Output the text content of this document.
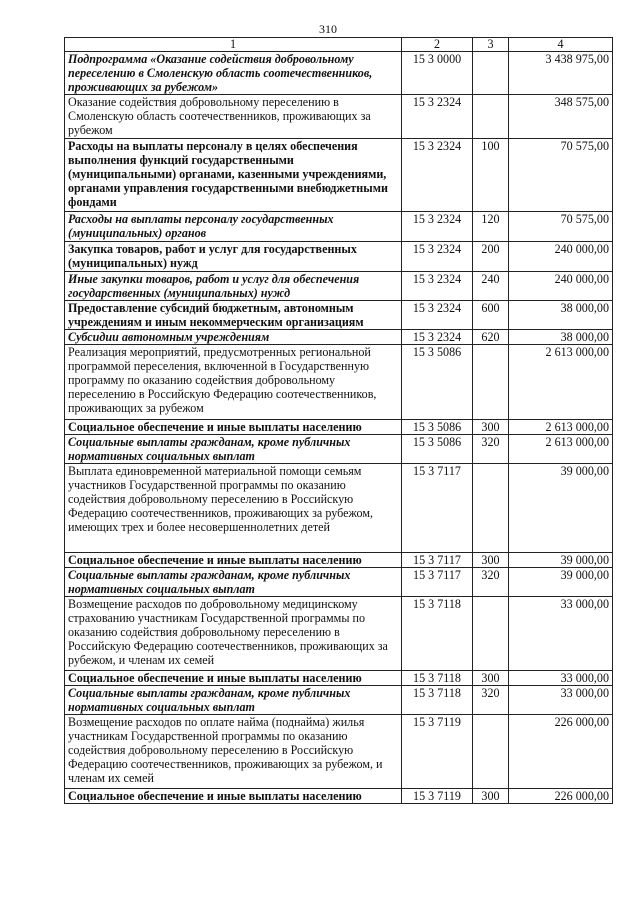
310
1	2	3	4
Подпрограмма «Оказание содействия добровольному переселению в Смоленскую область соотечественников, проживающих за рубежом»	15 3 0000		3 438 975,00
Оказание содействия добровольному переселению в Смоленскую область соотечественников, проживающих за рубежом	15 3 2324		348 575,00
Расходы на выплаты персоналу в целях обеспечения выполнения функций государственными (муниципальными) органами, казенными учреждениями, органами управления государственными внебюджетными фондами	15 3 2324	100	70 575,00
Расходы на выплаты персоналу государственных (муниципальных) органов	15 3 2324	120	70 575,00
Закупка товаров, работ и услуг для государственных (муниципальных) нужд	15 3 2324	200	240 000,00
Иные закупки товаров, работ и услуг для обеспечения государственных (муниципальных) нужд	15 3 2324	240	240 000,00
Предоставление субсидий бюджетным, автономным учреждениям и иным некоммерческим организациям	15 3 2324	600	38 000,00
Субсидии автономным учреждениям	15 3 2324	620	38 000,00
Реализация мероприятий, предусмотренных региональной программой переселения, включенной в Государственную программу по оказанию содействия добровольному переселению в Российскую Федерацию соотечественников, проживающих за рубежом	15 3 5086		2 613 000,00
Социальное обеспечение и иные выплаты населению	15 3 5086	300	2 613 000,00
Социальные выплаты гражданам, кроме публичных нормативных социальных выплат	15 3 5086	320	2 613 000,00
Выплата единовременной материальной помощи семьям участников Государственной программы по оказанию содействия добровольному переселению в Российскую Федерацию соотечественников, проживающих за рубежом, имеющих трех и более несовершеннолетних детей	15 3 7117		39 000,00
Социальное обеспечение и иные выплаты населению	15 3 7117	300	39 000,00
Социальные выплаты гражданам, кроме публичных нормативных социальных выплат	15 3 7117	320	39 000,00
Возмещение расходов по добровольному медицинскому страхованию участникам Государственной программы по оказанию содействия добровольному переселению в Российскую Федерацию соотечественников, проживающих за рубежом, и членам их семей	15 3 7118		33 000,00
Социальное обеспечение и иные выплаты населению	15 3 7118	300	33 000,00
Социальные выплаты гражданам, кроме публичных нормативных социальных выплат	15 3 7118	320	33 000,00
Возмещение расходов по оплате найма (поднайма) жилья участникам Государственной программы по оказанию содействия добровольному переселению в Российскую Федерацию соотечественников, проживающих за рубежом, и членам их семей	15 3 7119		226 000,00
Социальное обеспечение и иные выплаты населению	15 3 7119	300	226 000,00
